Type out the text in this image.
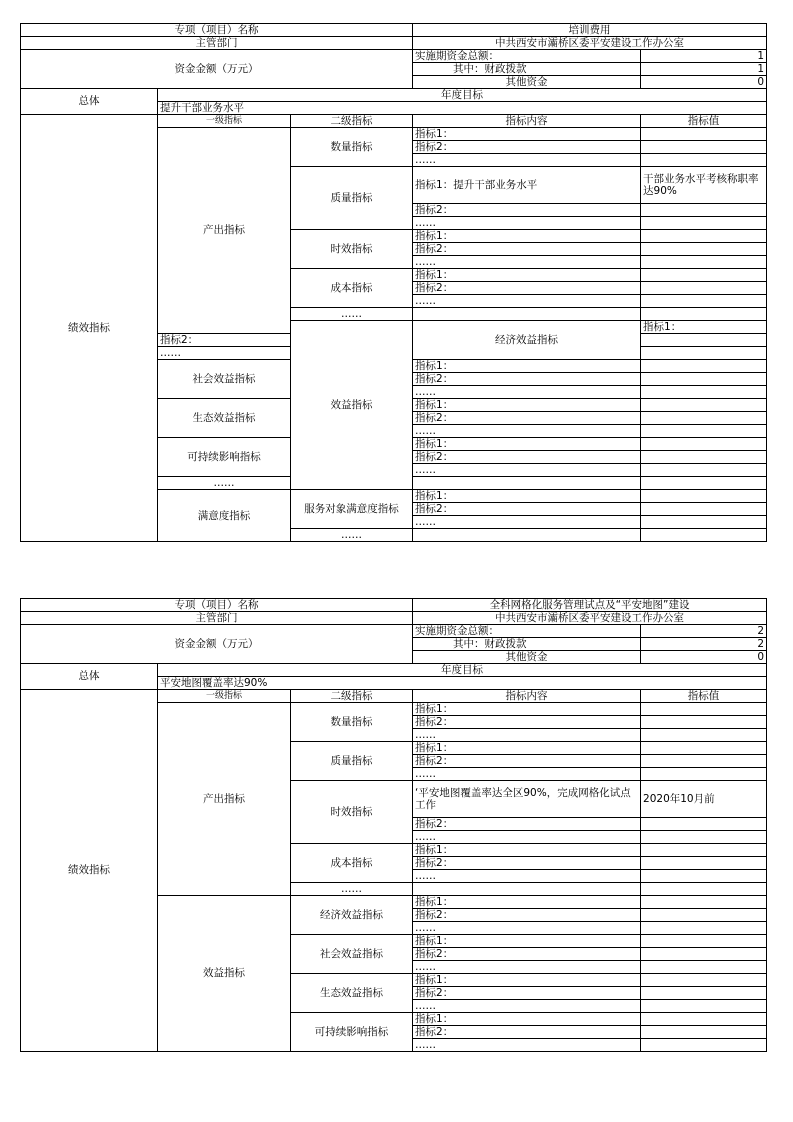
专项（项目）名称			培训费用		
主管部门			中共西安市灞桥区委平安建设工作办公室		
资金金额（万元）			实施期资金总额：	1	
			其中：财政拨款	1	
			其他资金	0	
总体	年度目标				
	提升干部业务水平				
绩效指标	一级指标	二级指标	指标内容	指标值	
	产出指标	数量指标	指标1：		
			指标2：		
			……		
		质量指标	指标1：提升干部业务水平	干部业务水平考核称职率达90%	
			指标2：		
			……		
		时效指标	指标1：		
			指标2：		
			……		
		成本指标	指标1：		
			指标2：		
			……		
		……			
		效益指标	经济效益指标	指标1：	
	指标2：				
	……				
	社会效益指标		指标1：		
			指标2：		
			……		
	生态效益指标		指标1：		
			指标2：		
			……		
	可持续影响指标		指标1：		
			指标2：		
			……		
	……				
	满意度指标	服务对象满意度指标	指标1：		
			指标2：		
			……		
		……			
专项（项目）名称			全科网格化服务管理试点及“平安地图”建设	
主管部门			中共西安市灞桥区委平安建设工作办公室	
资金金额（万元）			实施期资金总额：	2
			其中：财政拨款	2
			其他资金	0
总体	年度目标			
	平安地图覆盖率达90%			
绩效指标	一级指标	二级指标	指标内容	指标值
	产出指标	数量指标	指标1：	
			指标2：	
			……	
		质量指标	指标1：	
			指标2：	
			……	
		时效指标	‘平安地图覆盖率达全区90%，完成网格化试点工作	2020年10月前
			指标2：	
			……	
		成本指标	指标1：	
			指标2：	
			……	
		……		
	效益指标	经济效益指标	指标1：	
			指标2：	
			……	
		社会效益指标	指标1：	
			指标2：	
			……	
		生态效益指标	指标1：	
			指标2：	
			……	
		可持续影响指标	指标1：	
			指标2：	
			……	
